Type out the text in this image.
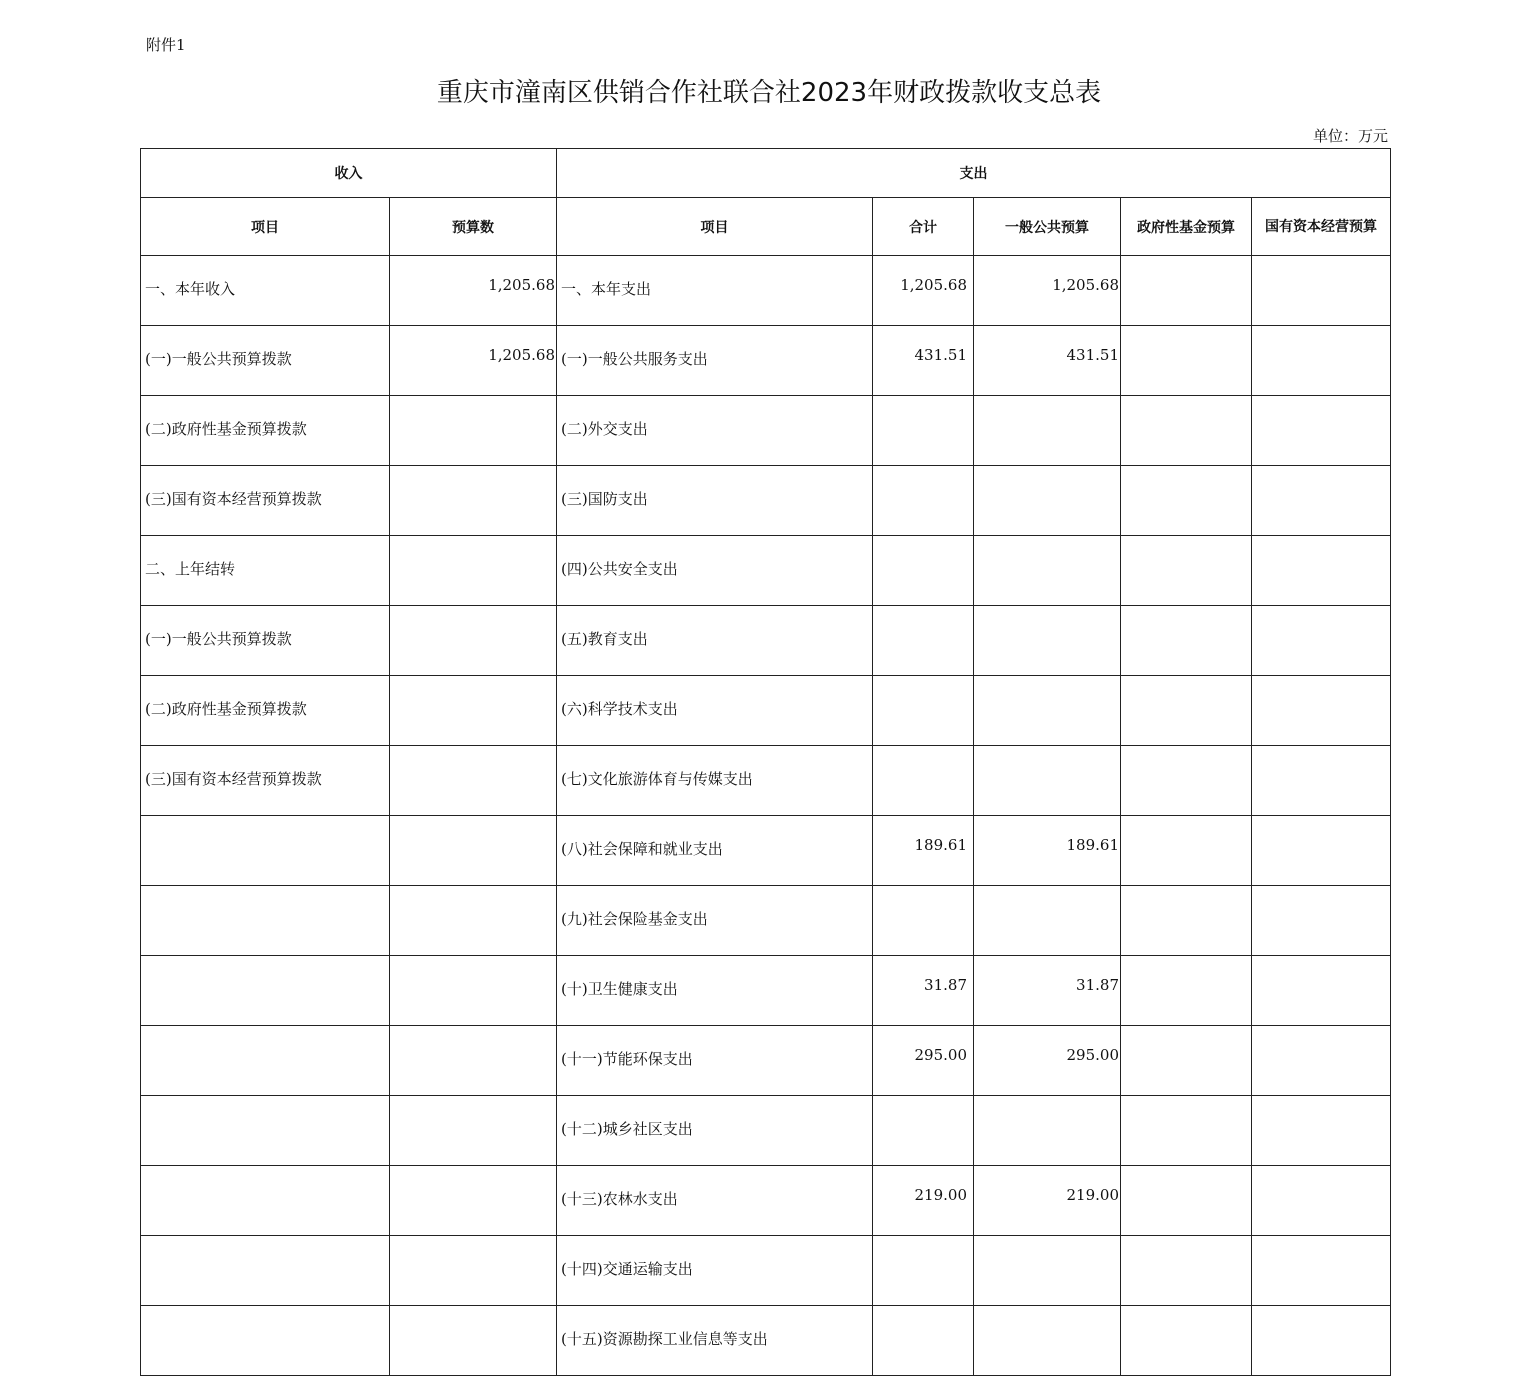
附件1
重庆市潼南区供销合作社联合社2023年财政拨款收支总表
单位：万元
收入		支出				
项目	预算数	项目	合计	一般公共预算	政府性基金预算	国有资本经营预算
一、本年收入	1,205.68	一、本年支出	1,205.68	1,205.68		
(一)一般公共预算拨款	1,205.68	(一)一般公共服务支出	431.51	431.51		
(二)政府性基金预算拨款		(二)外交支出				
(三)国有资本经营预算拨款		(三)国防支出				
二、上年结转		(四)公共安全支出				
(一)一般公共预算拨款		(五)教育支出				
(二)政府性基金预算拨款		(六)科学技术支出				
(三)国有资本经营预算拨款		(七)文化旅游体育与传媒支出				
		(八)社会保障和就业支出	189.61	189.61		
		(九)社会保险基金支出				
		(十)卫生健康支出	31.87	31.87		
		(十一)节能环保支出	295.00	295.00		
		(十二)城乡社区支出				
		(十三)农林水支出	219.00	219.00		
		(十四)交通运输支出				
		(十五)资源勘探工业信息等支出				
